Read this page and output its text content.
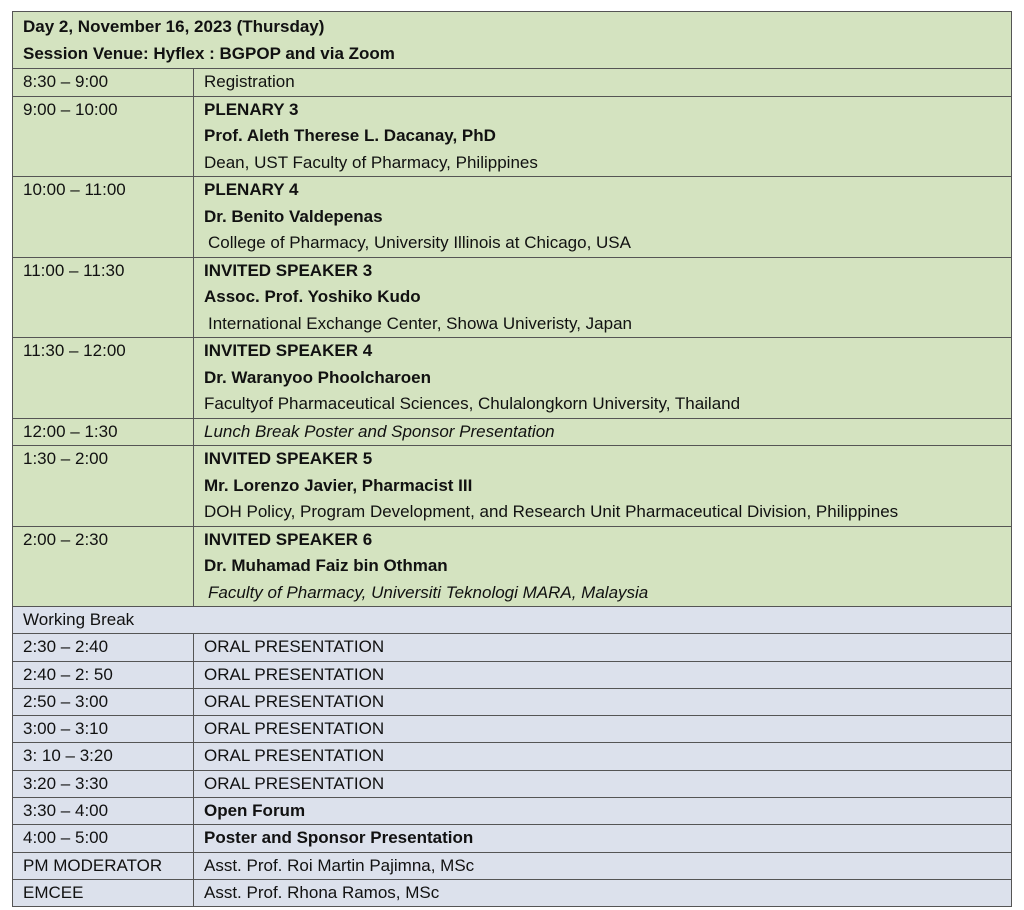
Day 2, November 16, 2023 (Thursday)
Session Venue: Hyflex : BGPOP and via Zoom	

8:30 – 9:00	Registration
9:00 – 10:00	PLENARY 3
Prof. Aleth Therese L. Dacanay, PhD
Dean, UST Faculty of Pharmacy, Philippines

10:00 – 11:00	PLENARY 4
Dr. Benito Valdepenas
College of Pharmacy, University Illinois at Chicago, USA

11:00 – 11:30	INVITED SPEAKER 3
Assoc. Prof. Yoshiko Kudo
International Exchange Center, Showa Univeristy, Japan

11:30 – 12:00	INVITED SPEAKER 4
Dr. Waranyoo Phoolcharoen
Facultyof Pharmaceutical Sciences, Chulalongkorn University, Thailand

12:00 – 1:30	Lunch Break Poster and Sponsor Presentation
1:30 – 2:00	INVITED SPEAKER 5
Mr. Lorenzo Javier, Pharmacist III
DOH Policy, Program Development, and Research Unit Pharmaceutical Division, Philippines

2:00 – 2:30	INVITED SPEAKER 6
Dr. Muhamad Faiz bin Othman
Faculty of Pharmacy, Universiti Teknologi MARA, Malaysia

Working Break	
2:30 – 2:40	ORAL PRESENTATION
2:40 – 2: 50	ORAL PRESENTATION
2:50 – 3:00	ORAL PRESENTATION
3:00 – 3:10	ORAL PRESENTATION
3: 10 – 3:20	ORAL PRESENTATION
3:20 – 3:30	ORAL PRESENTATION
3:30 – 4:00	Open Forum
4:00 – 5:00	Poster and Sponsor Presentation
PM MODERATOR	Asst. Prof. Roi Martin Pajimna, MSc
EMCEE	Asst. Prof. Rhona Ramos, MSc
